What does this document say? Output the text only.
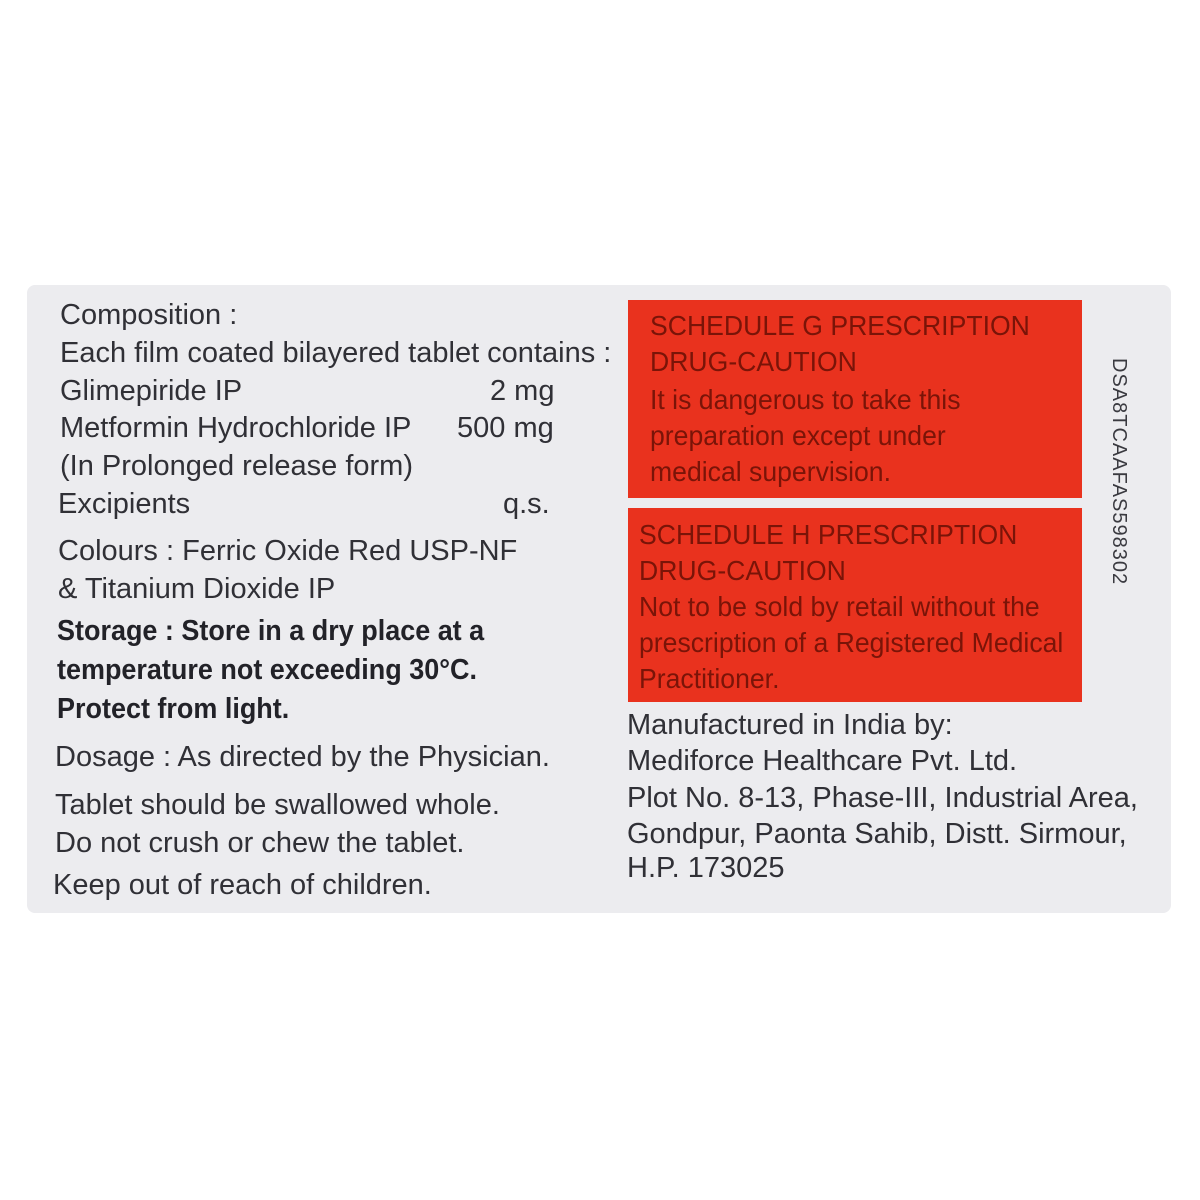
Composition :
Each film coated bilayered tablet contains :
Glimepiride IP	2 mg
Metformin Hydrochloride IP 500 mg
(In Prolonged release form)
Excipients	q.s.
Colours : Ferric Oxide Red USP-NF
& Titanium Dioxide IP
Storage : Store in a dry place at a
temperature not exceeding 30°C.
Protect from light.
Dosage : As directed by the Physician.
Tablet should be swallowed whole.
Do not crush or chew the tablet.
Keep out of reach of children.
SCHEDULE G PRESCRIPTION
DRUG-CAUTION
It is dangerous to take this
preparation except under
medical supervision.
SCHEDULE H PRESCRIPTION
DRUG-CAUTION
Not to be sold by retail without the
prescription of a Registered Medical
Practitioner.
Manufactured in India by:
Mediforce Healthcare Pvt. Ltd.
Plot No. 8-13, Phase-III, Industrial Area,
Gondpur, Paonta Sahib, Distt. Sirmour,
H.P. 173025
DSA8TCAAFAS598302
